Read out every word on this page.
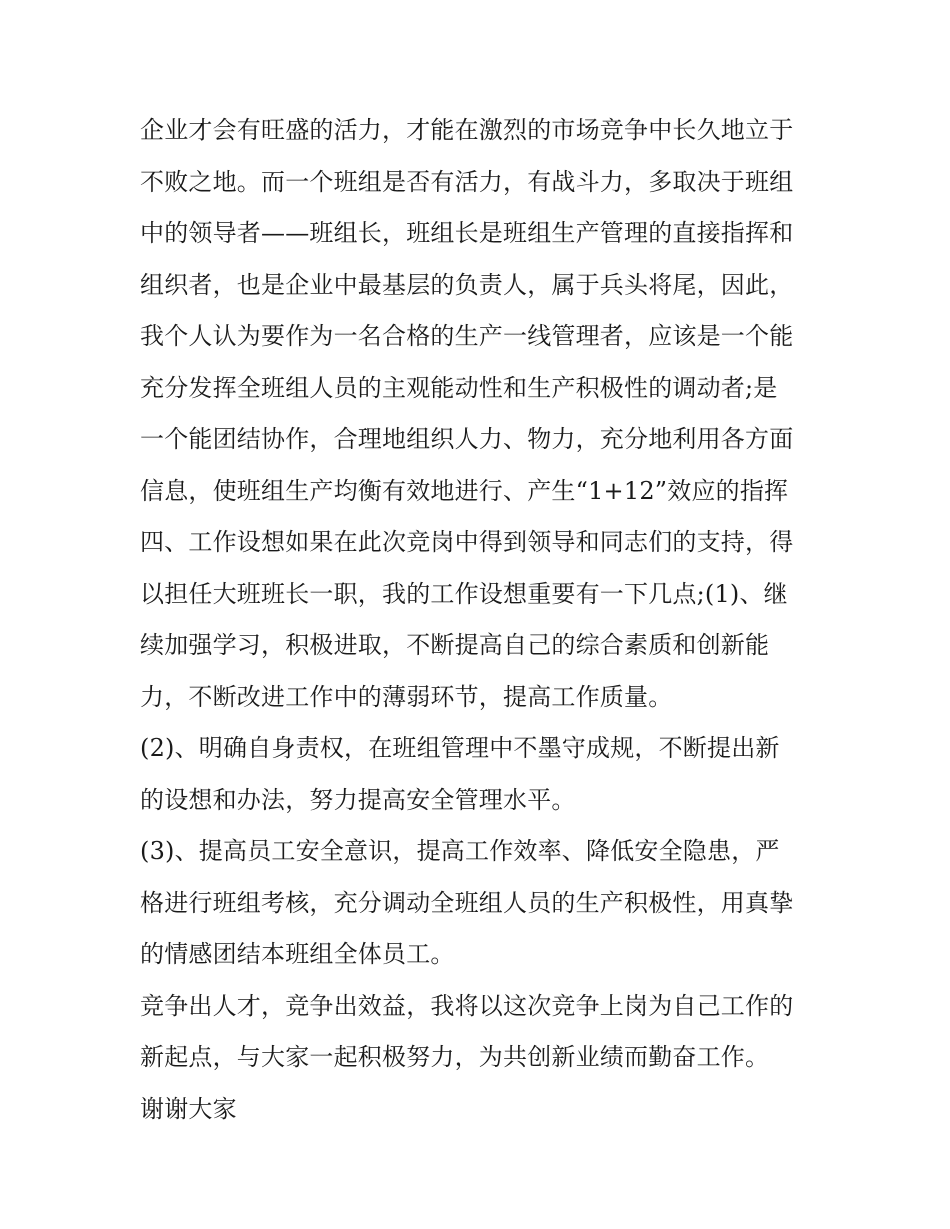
企业才会有旺盛的活力，才能在激烈的市场竞争中长久地立于
不败之地。而一个班组是否有活力，有战斗力，多取决于班组
中的领导者——班组长，班组长是班组生产管理的直接指挥和
组织者，也是企业中最基层的负责人，属于兵头将尾，因此，
我个人认为要作为一名合格的生产一线管理者，应该是一个能
充分发挥全班组人员的主观能动性和生产积极性的调动者;是
一个能团结协作，合理地组织人力、物力，充分地利用各方面
信息，使班组生产均衡有效地进行、产生“1+12”效应的指挥
四、工作设想如果在此次竞岗中得到领导和同志们的支持，得
以担任大班班长一职，我的工作设想重要有一下几点;(1)、继
续加强学习，积极进取，不断提高自己的综合素质和创新能
力，不断改进工作中的薄弱环节，提高工作质量。
(2)、明确自身责权，在班组管理中不墨守成规，不断提出新
的设想和办法，努力提高安全管理水平。
(3)、提高员工安全意识，提高工作效率、降低安全隐患，严
格进行班组考核，充分调动全班组人员的生产积极性，用真挚
的情感团结本班组全体员工。
竞争出人才，竞争出效益，我将以这次竞争上岗为自己工作的
新起点，与大家一起积极努力，为共创新业绩而勤奋工作。
谢谢大家
